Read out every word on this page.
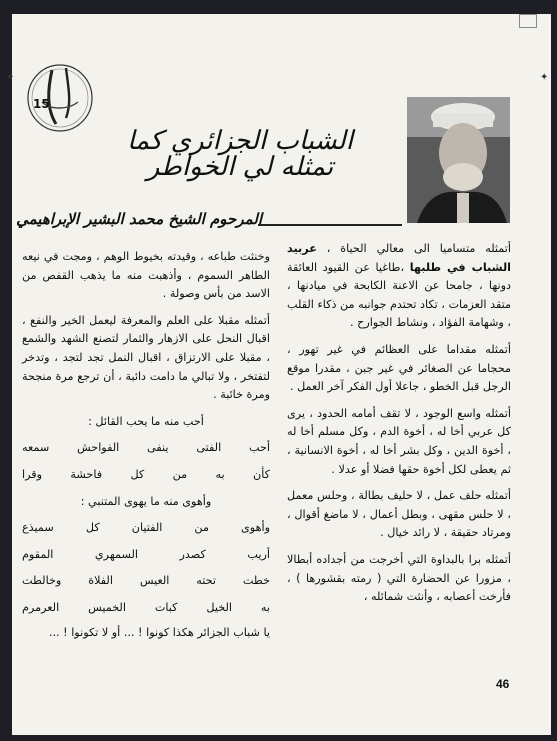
✦	✦
15
الشباب الجزائري كما تمثله لي الخواطر
المرحوم الشيخ محمد البشير الإبراهيمي

أتمثله متساميا الى معالي الحياة ، عربيد الشباب في طلبها ،طاغيا عن القيود العائقة دونها ، جامحا عن الاعنة الكابحة في ميادنها ، متقد العزمات ، تكاد تحتدم جوانبه من ذكاء القلب ، وشهامة الفؤاد ، ونشاط الجوارح .

أتمثله مقداما على العظائم في غير تهور ، محجاما عن الصغائر في غير جبن ، مقدرا موقع الرجل قبل الخطو ، جاعلا أول الفكر آخر العمل .

أتمثله واسع الوجود ، لا تقف أمامه الحدود ، يرى كل عربي أخا له ، أخوة الدم ، وكل مسلم أخا له ، أخوة الدين ، وكل بشر أخا له ، أخوة الانسانية ، ثم يعطى لكل أخوة حقها فضلا أو عدلا .

أتمثله حلف عمل ، لا حليف بطالة ، وحلس معمل ، لا حلس مقهى ، وبطل أعمال ، لا ماضغ أقوال ، ومرتاد حقيقة ، لا رائد خيال .

أتمثله برا بالبداوة التي أخرجت من أجداده أبطالا ، مزورا عن الحضارة التي ( رمته بقشورها ) ، فأرخت أعصابه ، وأنثت شمائله ،

وخنثت طباعه ، وقيدته بخيوط الوهم ، ومجت في نيعه الطاهر السموم ، وأذهبت منه ما يذهب القفص من الاسد من بأس وصولة .

أتمثله مقبلا على العلم والمعرفة ليعمل الخير والنفع ، اقبال النحل على الازهار والثمار لتصنع الشهد والشمع ، مقبلا على الارتزاق ، اقبال النمل تجد لتجد ، وتدخر لتفتخر ، ولا تبالي ما دامت دائبة ، أن ترجع مرة منجحة ومرة خائبة .

أحب منه ما يحب القائل :

أحب الفتى ينفى الفواحش سمعه

كأن به من كل فاحشة وقرا

وأهوى منه ما يهوى المتنبي :

وأهوى من الفتيان كل سميذع

أريب كصدر السمهري المقوم

خطت تحته العيس الفلاة وخالطت

به الخيل كبات الخميس العرمرم

يا شباب الجزائر هكذا كونوا ! ... أو لا تكونوا ! ...

46
